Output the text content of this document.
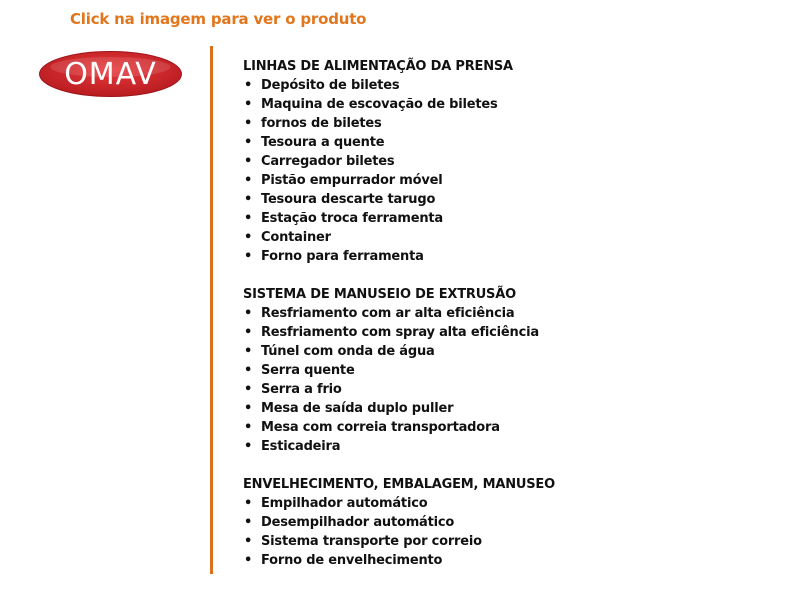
Click na imagem para ver o produto
OMAV	LINHAS DE ALIMENTAÇÃO DA PRENSA
• Depósito de biletes
• Maquina de escovação de biletes
• fornos de biletes
• Tesoura a quente
• Carregador biletes
• Pistão empurrador móvel
• Tesoura descarte tarugo
• Estação troca ferramenta
• Container
• Forno para ferramenta
SISTEMA DE MANUSEIO DE EXTRUSÃO
• Resfriamento com ar alta eficiência
• Resfriamento com spray alta eficiência
• Túnel com onda de água
• Serra quente
• Serra a frio
• Mesa de saída duplo puller
• Mesa com correia transportadora
• Esticadeira
ENVELHECIMENTO, EMBALAGEM, MANUSEO
• Empilhador automático
• Desempilhador automático
• Sistema transporte por correio
• Forno de envelhecimento
